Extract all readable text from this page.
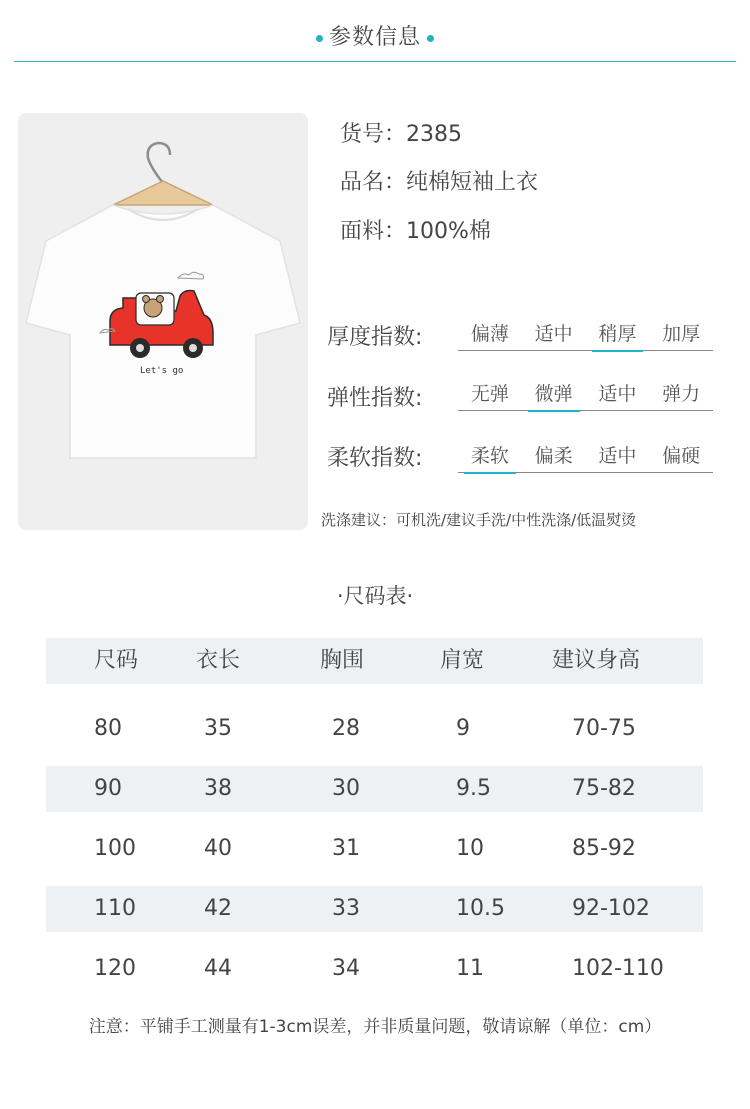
参数信息
Let's go
货号：2385
品名：纯棉短袖上衣
面料：100%棉
厚度指数:	偏薄	适中	稍厚	加厚
弹性指数:	无弹	微弹	适中	弹力
柔软指数:	柔软	偏柔	适中	偏硬
洗涤建议：可机洗/建议手洗/中性洗涤/低温熨烫
·尺码表·
尺码	衣长	胸围	肩宽	建议身高
80	35	28	9	70-75
90	38	30	9.5	75-82
100	40	31	10	85-92
110	42	33	10.5	92-102
120	44	34	11	102-110
注意：平铺手工测量有1-3cm误差，并非质量问题，敬请谅解（单位：cm）
